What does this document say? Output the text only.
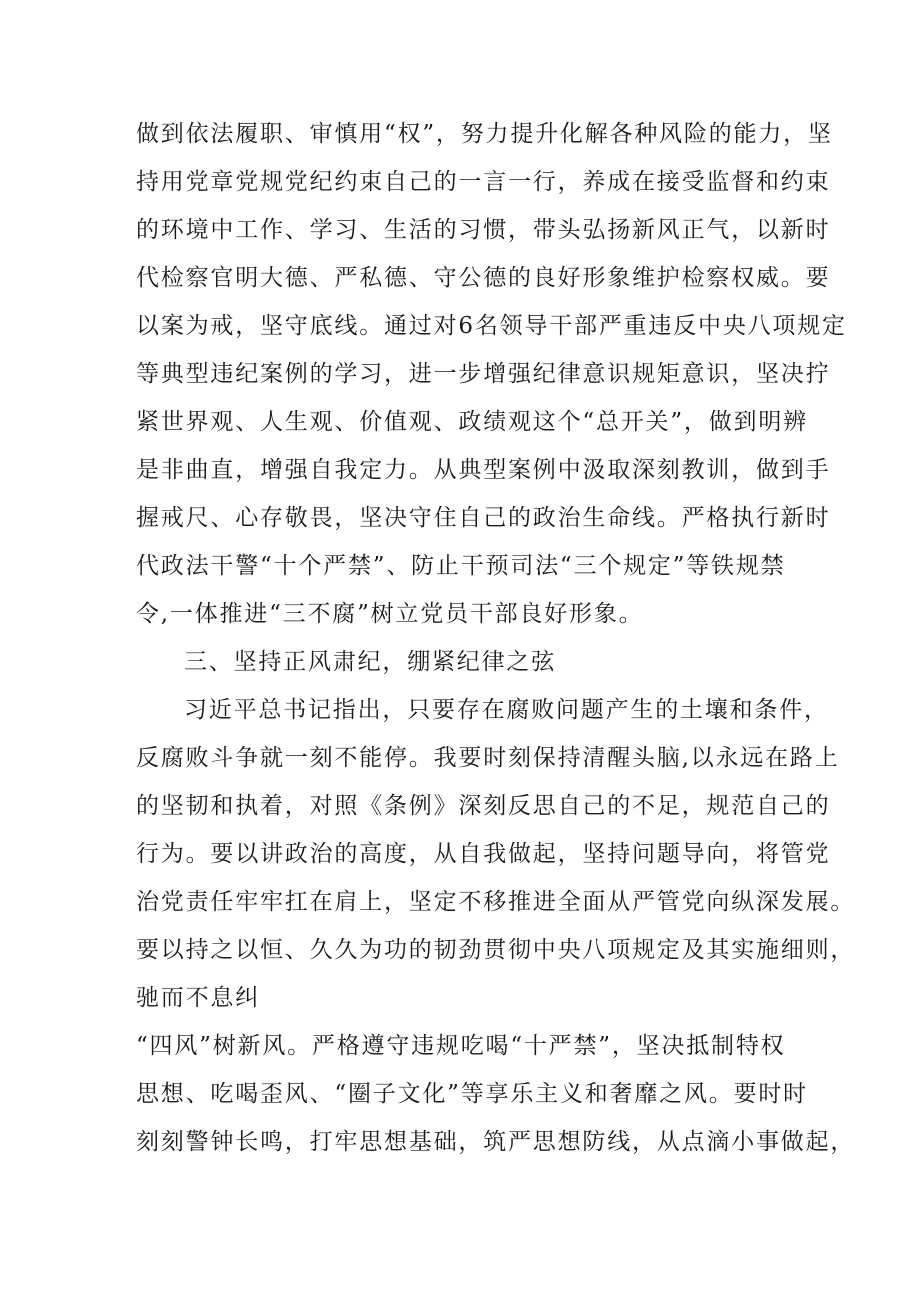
做到依法履职、审慎用“权”，努力提升化解各种风险的能力，坚
持用党章党规党纪约束自己的一言一行，养成在接受监督和约束
的环境中工作、学习、生活的习惯，带头弘扬新风正气，以新时
代检察官明大德、严私德、守公德的良好形象维护检察权威。要
以案为戒，坚守底线。通过对6名领导干部严重违反中央八项规定
等典型违纪案例的学习，进一步增强纪律意识规矩意识，坚决拧
紧世界观、人生观、价值观、政绩观这个“总开关”，做到明辨
是非曲直，增强自我定力。从典型案例中汲取深刻教训，做到手
握戒尺、心存敬畏，坚决守住自己的政治生命线。严格执行新时
代政法干警“十个严禁”、防止干预司法“三个规定”等铁规禁
令,一体推进“三不腐”树立党员干部良好形象。
三、坚持正风肃纪，绷紧纪律之弦
习近平总书记指出，只要存在腐败问题产生的土壤和条件，
反腐败斗争就一刻不能停。我要时刻保持清醒头脑,以永远在路上
的坚韧和执着，对照《条例》深刻反思自己的不足，规范自己的
行为。要以讲政治的高度，从自我做起，坚持问题导向，将管党
治党责任牢牢扛在肩上，坚定不移推进全面从严管党向纵深发展。
要以持之以恒、久久为功的韧劲贯彻中央八项规定及其实施细则，
驰而不息纠
“四风”树新风。严格遵守违规吃喝“十严禁”，坚决抵制特权
思想、吃喝歪风、“圈子文化”等享乐主义和奢靡之风。要时时
刻刻警钟长鸣，打牢思想基础，筑严思想防线，从点滴小事做起，
